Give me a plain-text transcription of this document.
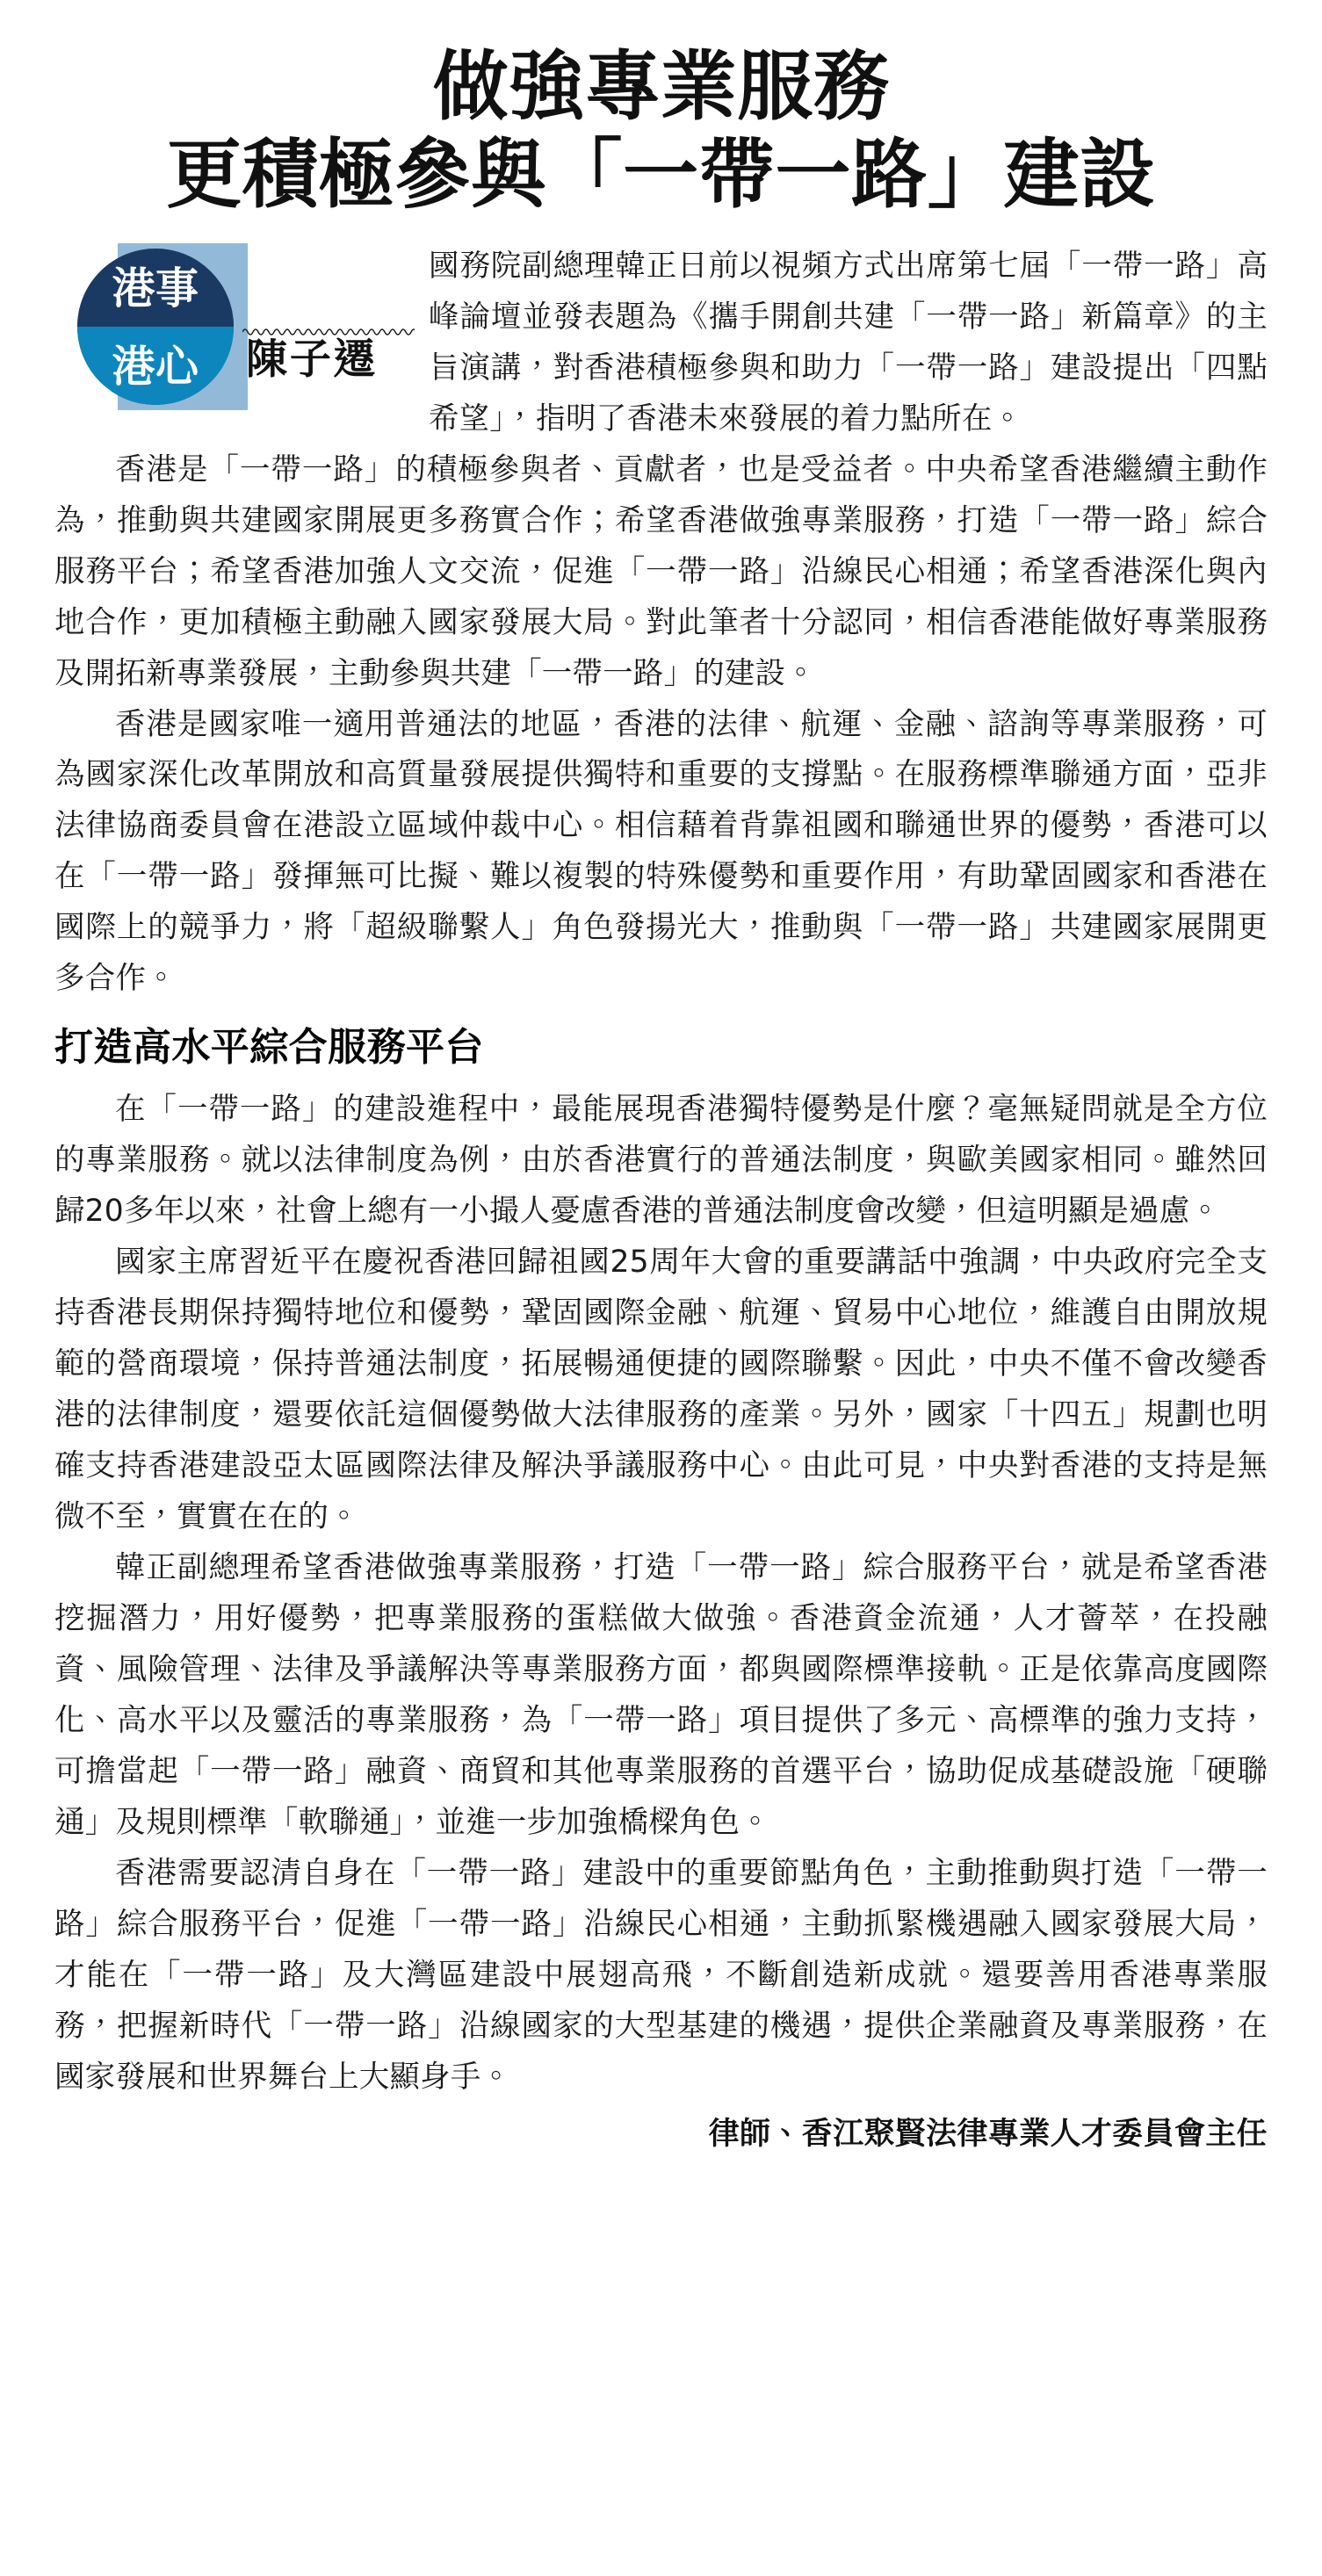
做強專業服務
更積極參與「一帶一路」建設
港事
港心 陳子遷
國務院副總理韓正日前以視頻方式出席第七屆「一帶一路」高峰論壇並發表題為《攜手開創共建「一帶一路」新篇章》的主旨演講，對香港積極參與和助力「一帶一路」建設提出「四點希望」，指明了香港未來發展的着力點所在。

香港是「一帶一路」的積極參與者、貢獻者，也是受益者。中央希望香港繼續主動作為，推動與共建國家開展更多務實合作；希望香港做強專業服務，打造「一帶一路」綜合服務平台；希望香港加強人文交流，促進「一帶一路」沿線民心相通；希望香港深化與內地合作，更加積極主動融入國家發展大局。對此筆者十分認同，相信香港能做好專業服務及開拓新專業發展，主動參與共建「一帶一路」的建設。

香港是國家唯一適用普通法的地區，香港的法律、航運、金融、諮詢等專業服務，可為國家深化改革開放和高質量發展提供獨特和重要的支撐點。在服務標準聯通方面，亞非法律協商委員會在港設立區域仲裁中心。相信藉着背靠祖國和聯通世界的優勢，香港可以在「一帶一路」發揮無可比擬、難以複製的特殊優勢和重要作用，有助鞏固國家和香港在國際上的競爭力，將「超級聯繫人」角色發揚光大，推動與「一帶一路」共建國家展開更多合作。

打造高水平綜合服務平台

在「一帶一路」的建設進程中，最能展現香港獨特優勢是什麼？毫無疑問就是全方位的專業服務。就以法律制度為例，由於香港實行的普通法制度，與歐美國家相同。雖然回歸20多年以來，社會上總有一小撮人憂慮香港的普通法制度會改變，但這明顯是過慮。

國家主席習近平在慶祝香港回歸祖國25周年大會的重要講話中強調，中央政府完全支持香港長期保持獨特地位和優勢，鞏固國際金融、航運、貿易中心地位，維護自由開放規範的營商環境，保持普通法制度，拓展暢通便捷的國際聯繫。因此，中央不僅不會改變香港的法律制度，還要依託這個優勢做大法律服務的產業。另外，國家「十四五」規劃也明確支持香港建設亞太區國際法律及解決爭議服務中心。由此可見，中央對香港的支持是無微不至，實實在在的。

韓正副總理希望香港做強專業服務，打造「一帶一路」綜合服務平台，就是希望香港挖掘潛力，用好優勢，把專業服務的蛋糕做大做強。香港資金流通，人才薈萃，在投融資、風險管理、法律及爭議解決等專業服務方面，都與國際標準接軌。正是依靠高度國際化、高水平以及靈活的專業服務，為「一帶一路」項目提供了多元、高標準的強力支持，可擔當起「一帶一路」融資、商貿和其他專業服務的首選平台，協助促成基礎設施「硬聯通」及規則標準「軟聯通」，並進一步加強橋樑角色。

香港需要認清自身在「一帶一路」建設中的重要節點角色，主動推動與打造「一帶一路」綜合服務平台，促進「一帶一路」沿線民心相通，主動抓緊機遇融入國家發展大局，才能在「一帶一路」及大灣區建設中展翅高飛，不斷創造新成就。還要善用香港專業服務，把握新時代「一帶一路」沿線國家的大型基建的機遇，提供企業融資及專業服務，在國家發展和世界舞台上大顯身手。

律師、香江聚賢法律專業人才委員會主任
